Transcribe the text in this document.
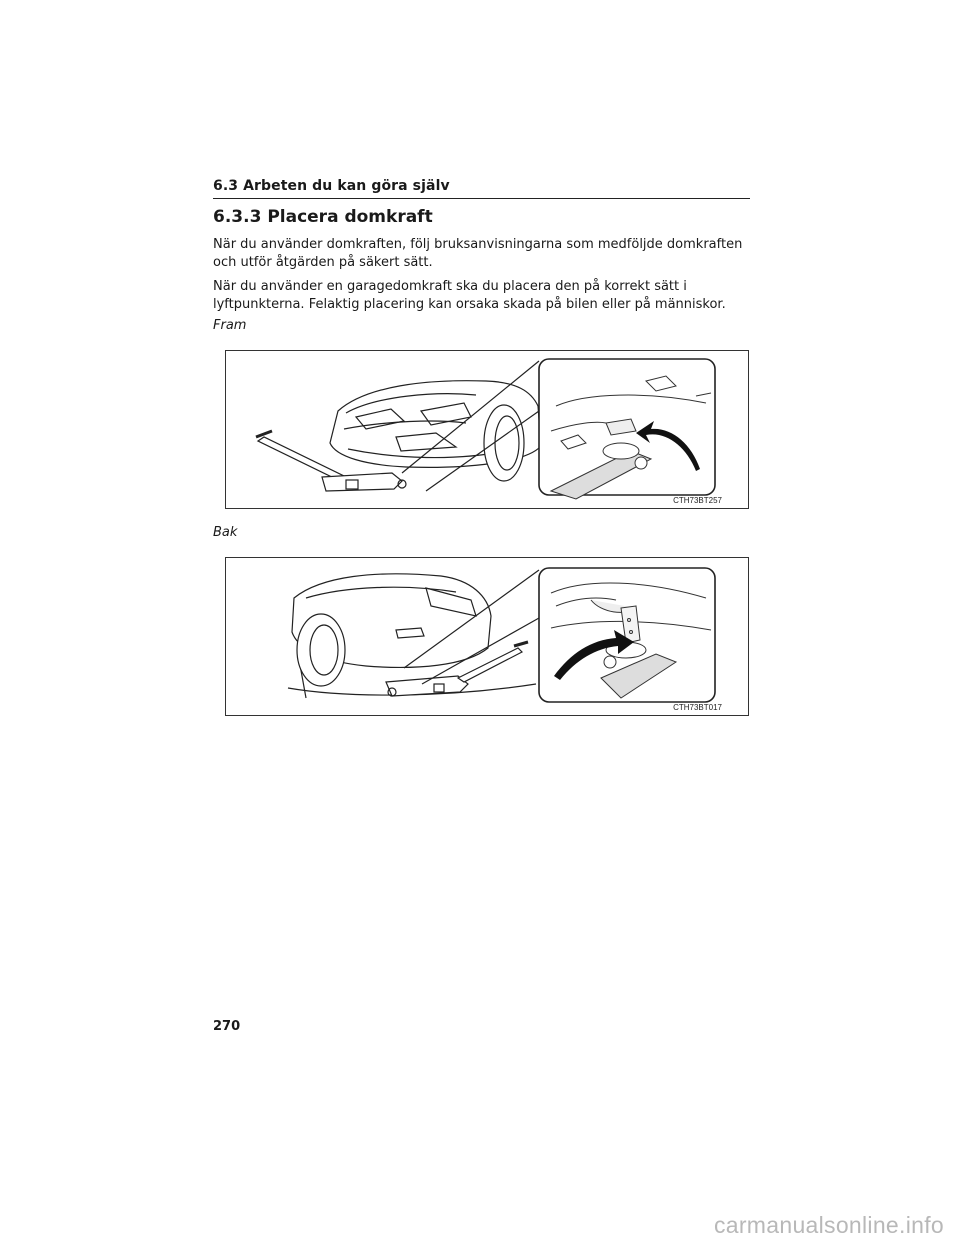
6.3 Arbeten du kan göra själv
6.3.3 Placera domkraft
När du använder domkraften, följ bruksanvisningarna som medföljde domkraften och utför åtgärden på säkert sätt.
När du använder en garagedomkraft ska du placera den på korrekt sätt i lyftpunkterna. Felaktig placering kan orsaka skada på bilen eller på människor.
Fram
CTH73BT257
Bak
CTH73BT017
270
carmanualsonline.info
